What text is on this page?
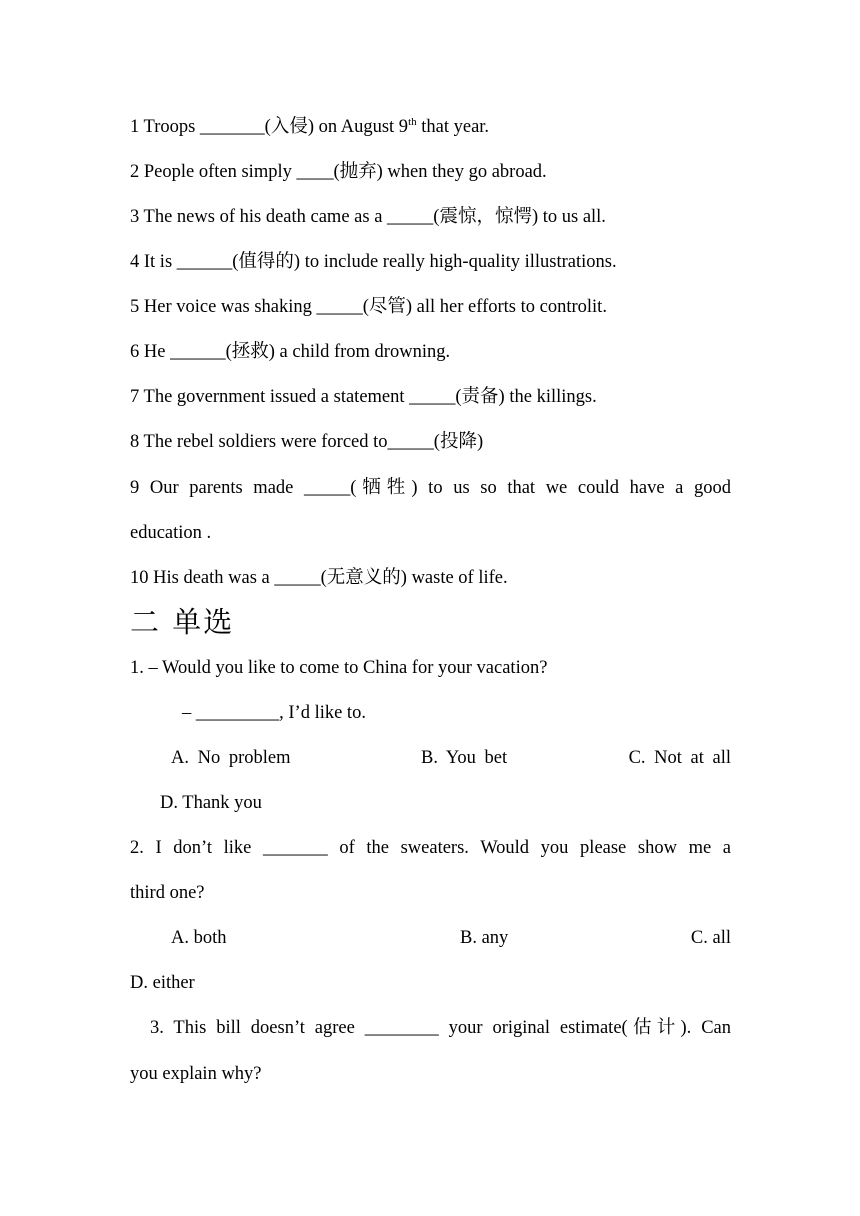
1 Troops _______(入侵) on August 9th that year.
2 People often simply ____(抛弃) when they go abroad.
3 The news of his death came as a _____(震惊，惊愕) to us all.
4 It is ______(值得的) to include really high-quality illustrations.
5 Her voice was shaking _____(尽管) all her efforts to controlit.
6 He ______(拯救) a child from drowning.
7 The government issued a statement _____(责备) the killings.
8 The rebel soldiers were forced to_____(投降)
9 Our parents made _____(牺牲) to us so that we could have a good
education .
10 His death was a _____(无意义的) waste of life.
二 单选
1. – Would you like to come to China for your vacation?
– _________, I’d like to.
A. No problem	B. You bet	C. Not at all
D. Thank you
2. I don’t like _______ of the sweaters. Would you please show me a
third one?
A. both	B. any	C. all
D. either
3. This bill doesn’t agree ________ your original estimate(估计). Can
you explain why?
